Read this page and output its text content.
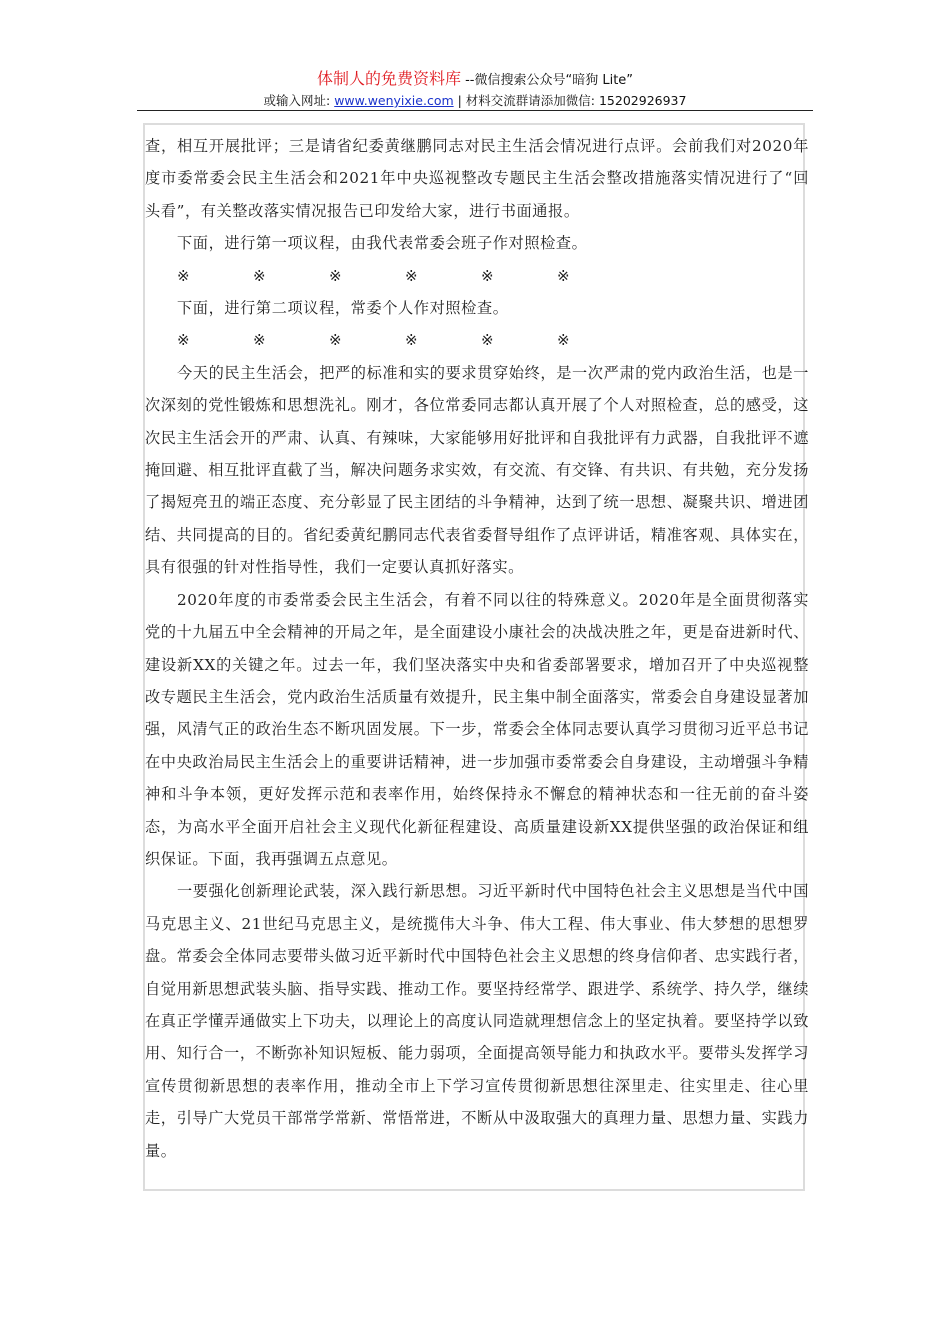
体制人的免费资料库 --微信搜索公众号“暗狗 Lite”
或输入网址: www.wenyixie.com | 材料交流群请添加微信: 15202926937

查，相互开展批评；三是请省纪委黄继鹏同志对民主生活会情况进行点评。会前我们对2020年度市委常委会民主生活会和2021年中央巡视整改专题民主生活会整改措施落实情况进行了“回头看”，有关整改落实情况报告已印发给大家，进行书面通报。

下面，进行第一项议程，由我代表常委会班子作对照检查。

※	※	※	※	※	※

下面，进行第二项议程，常委个人作对照检查。

※	※	※	※	※	※

今天的民主生活会，把严的标准和实的要求贯穿始终，是一次严肃的党内政治生活，也是一次深刻的党性锻炼和思想洗礼。刚才，各位常委同志都认真开展了个人对照检查，总的感受，这次民主生活会开的严肃、认真、有辣味，大家能够用好批评和自我批评有力武器，自我批评不遮掩回避、相互批评直截了当，解决问题务求实效，有交流、有交锋、有共识、有共勉，充分发扬了揭短亮丑的端正态度、充分彰显了民主团结的斗争精神，达到了统一思想、凝聚共识、增进团结、共同提高的目的。省纪委黄纪鹏同志代表省委督导组作了点评讲话，精准客观、具体实在，具有很强的针对性指导性，我们一定要认真抓好落实。

2020年度的市委常委会民主生活会，有着不同以往的特殊意义。2020年是全面贯彻落实党的十九届五中全会精神的开局之年，是全面建设小康社会的决战决胜之年，更是奋进新时代、建设新XX的关键之年。过去一年，我们坚决落实中央和省委部署要求，增加召开了中央巡视整改专题民主生活会，党内政治生活质量有效提升，民主集中制全面落实，常委会自身建设显著加强，风清气正的政治生态不断巩固发展。下一步，常委会全体同志要认真学习贯彻习近平总书记在中央政治局民主生活会上的重要讲话精神，进一步加强市委常委会自身建设，主动增强斗争精神和斗争本领，更好发挥示范和表率作用，始终保持永不懈怠的精神状态和一往无前的奋斗姿态，为高水平全面开启社会主义现代化新征程建设、高质量建设新XX提供坚强的政治保证和组织保证。下面，我再强调五点意见。

一要强化创新理论武装，深入践行新思想。习近平新时代中国特色社会主义思想是当代中国马克思主义、21世纪马克思主义，是统揽伟大斗争、伟大工程、伟大事业、伟大梦想的思想罗盘。常委会全体同志要带头做习近平新时代中国特色社会主义思想的终身信仰者、忠实践行者，自觉用新思想武装头脑、指导实践、推动工作。要坚持经常学、跟进学、系统学、持久学，继续在真正学懂弄通做实上下功夫，以理论上的高度认同造就理想信念上的坚定执着。要坚持学以致用、知行合一，不断弥补知识短板、能力弱项，全面提高领导能力和执政水平。要带头发挥学习宣传贯彻新思想的表率作用，推动全市上下学习宣传贯彻新思想往深里走、往实里走、往心里走，引导广大党员干部常学常新、常悟常进，不断从中汲取强大的真理力量、思想力量、实践力量。
